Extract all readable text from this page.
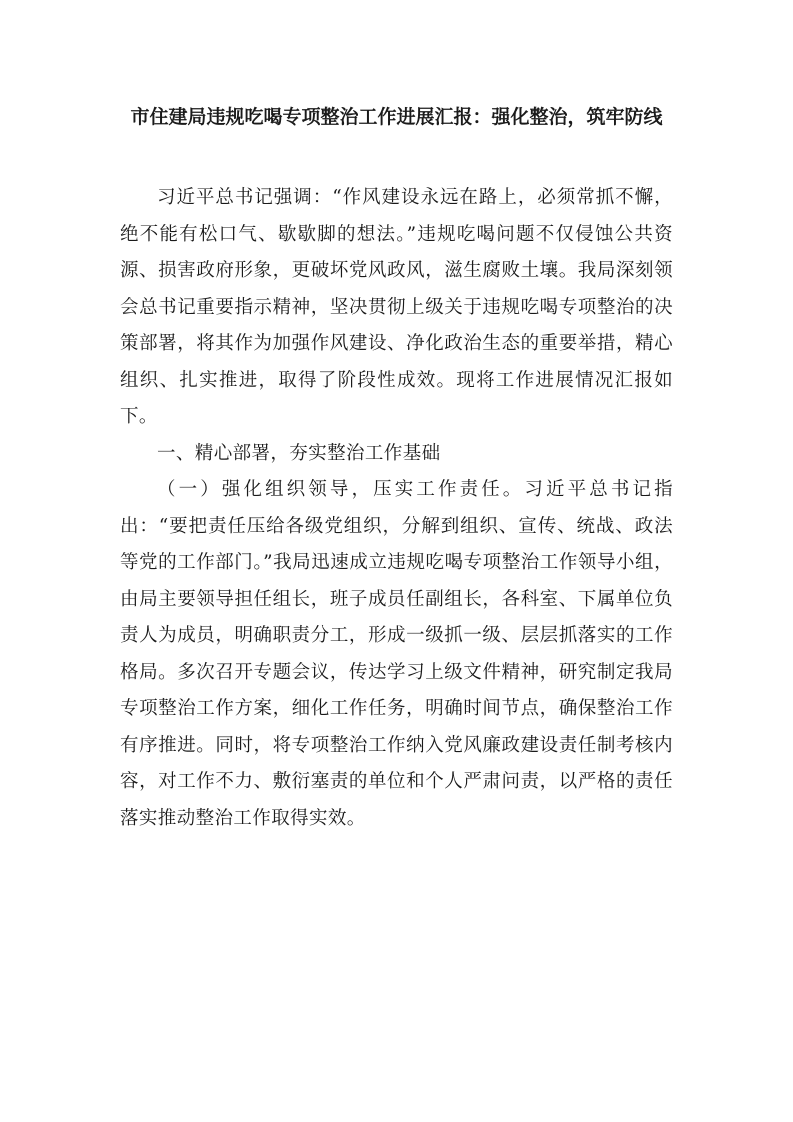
市住建局违规吃喝专项整治工作进展汇报：强化整治，筑牢防线

习近平总书记强调：“作风建设永远在路上，必须常抓不懈，绝不能有松口气、歇歇脚的想法。”违规吃喝问题不仅侵蚀公共资源、损害政府形象，更破坏党风政风，滋生腐败土壤。我局深刻领会总书记重要指示精神，坚决贯彻上级关于违规吃喝专项整治的决策部署，将其作为加强作风建设、净化政治生态的重要举措，精心组织、扎实推进，取得了阶段性成效。现将工作进展情况汇报如下。

一、精心部署，夯实整治工作基础

（一）强化组织领导，压实工作责任。习近平总书记指出：“要把责任压给各级党组织，分解到组织、宣传、统战、政法等党的工作部门。”我局迅速成立违规吃喝专项整治工作领导小组，由局主要领导担任组长，班子成员任副组长，各科室、下属单位负责人为成员，明确职责分工，形成一级抓一级、层层抓落实的工作格局。多次召开专题会议，传达学习上级文件精神，研究制定我局专项整治工作方案，细化工作任务，明确时间节点，确保整治工作有序推进。同时，将专项整治工作纳入党风廉政建设责任制考核内容，对工作不力、敷衍塞责的单位和个人严肃问责，以严格的责任落实推动整治工作取得实效。
